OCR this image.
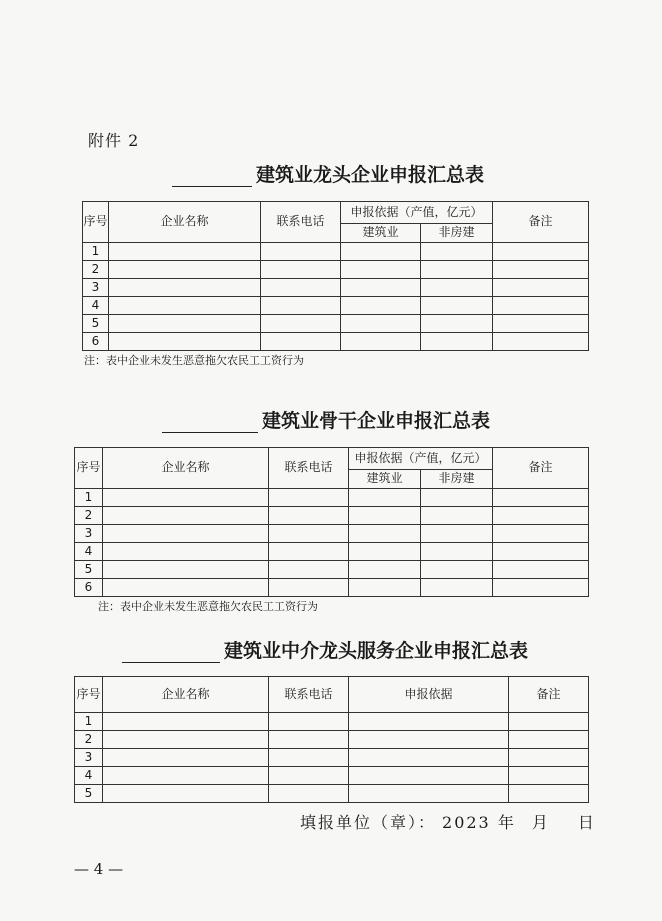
附件 2
建筑业龙头企业申报汇总表
序号	企业名称	联系电话	申报依据（产值，亿元）		备注
			建筑业	非房建	
1					
2					
3					
4					
5					
6					
注：表中企业未发生恶意拖欠农民工工资行为
建筑业骨干企业申报汇总表
序号	企业名称	联系电话	申报依据（产值，亿元）		备注
			建筑业	非房建	
1					
2					
3					
4					
5					
6					
注：表中企业未发生恶意拖欠农民工工资行为
建筑业中介龙头服务企业申报汇总表
序号	企业名称	联系电话	申报依据	备注
1				
2				
3				
4				
5				
填报单位（章）： 2023 年 月 日
— 4 —
